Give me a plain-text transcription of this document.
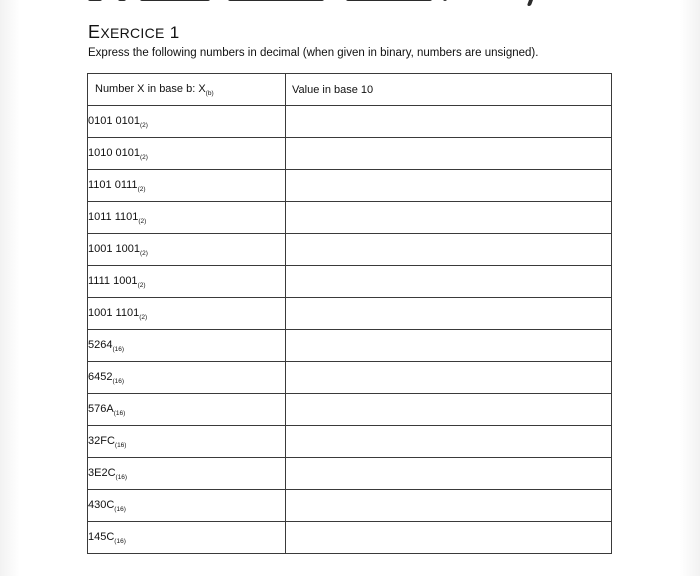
EXERCICE 1
Express the following numbers in decimal (when given in binary, numbers are unsigned).
Number X in base b: $X_{(b)}$	Value in base 10
0101 $0101_{(2)}$	
1010 $0101_{(2)}$	
1101 $0111_{(2)}$	
1011 $1101_{(2)}$	
1001 $1001_{(2)}$	
1111 $1001_{(2)}$	
1001 $1101_{(2)}$	
$5264_{(16)}$	
$6452_{(16)}$	
$576A_{(16)}$	
$32FC_{(16)}$	
$3E2C_{(16)}$	
$430C_{(16)}$	
$145C_{(16)}$	
